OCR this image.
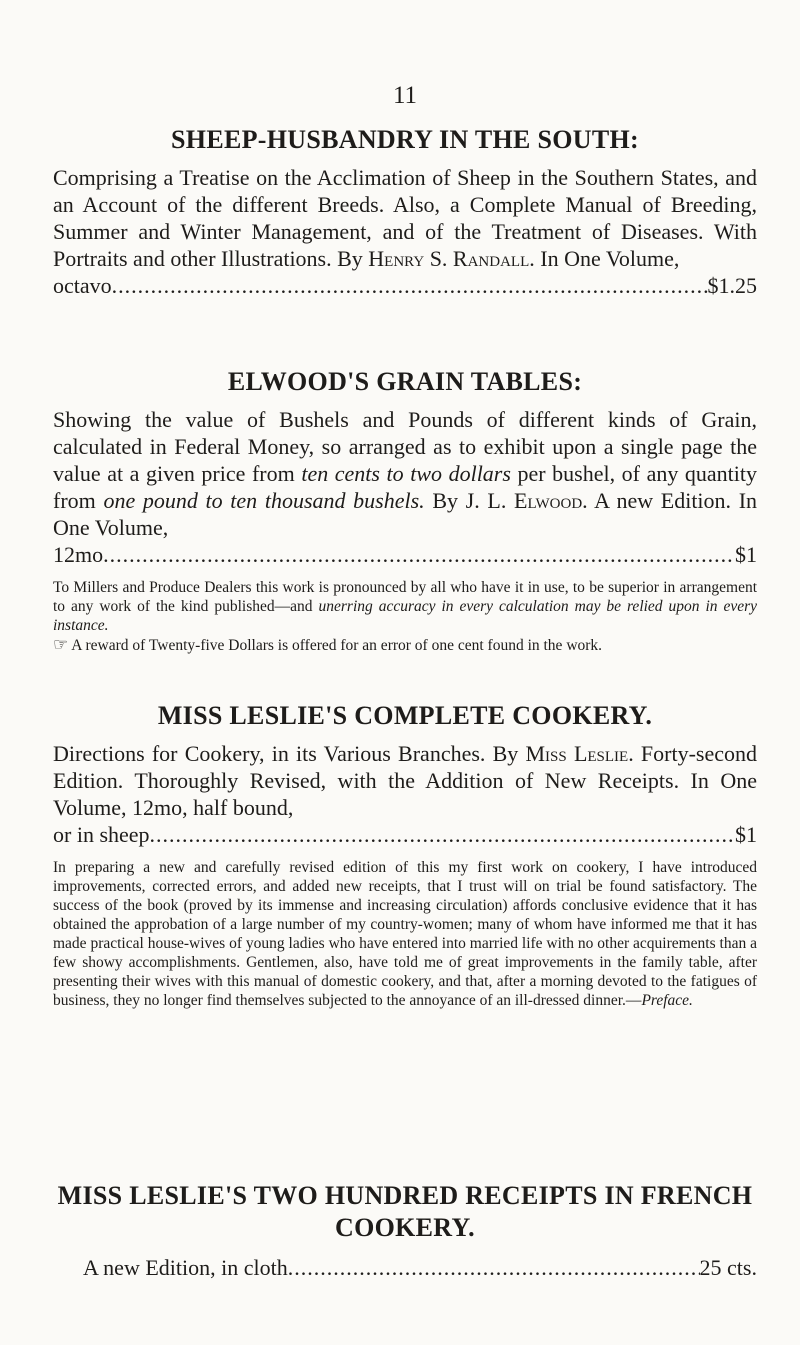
11
SHEEP-HUSBANDRY IN THE SOUTH:

Comprising a Treatise on the Acclimation of Sheep in the Southern States, and an Account of the different Breeds. Also, a Complete Manual of Breeding, Summer and Winter Management, and of the Treatment of Diseases. With Portraits and other Illustrations. By Henry S. Randall. In One Volume,

octavo .....	$1.25
ELWOOD'S GRAIN TABLES:

Showing the value of Bushels and Pounds of different kinds of Grain, calculated in Federal Money, so arranged as to exhibit upon a single page the value at a given price from ten cents to two dollars per bushel, of any quantity from one pound to ten thousand bushels. By J. L. Elwood. A new Edition. In One Volume,

12mo .....	$1

To Millers and Produce Dealers this work is pronounced by all who have it in use, to be superior in arrangement to any work of the kind published—and unerring accuracy in every calculation may be relied upon in every instance.
☞ A reward of Twenty-five Dollars is offered for an error of one cent found in the work.

MISS LESLIE'S COMPLETE COOKERY.

Directions for Cookery, in its Various Branches. By Miss Leslie. Forty-second Edition. Thoroughly Revised, with the Addition of New Receipts. In One Volume, 12mo, half bound,

or in sheep .....	$1

In preparing a new and carefully revised edition of this my first work on cookery, I have introduced improvements, corrected errors, and added new receipts, that I trust will on trial be found satisfactory. The success of the book (proved by its immense and increasing circulation) affords conclusive evidence that it has obtained the approbation of a large number of my country-women; many of whom have informed me that it has made practical house-wives of young ladies who have entered into married life with no other acquirements than a few showy accomplishments. Gentlemen, also, have told me of great improvements in the family table, after presenting their wives with this manual of domestic cookery, and that, after a morning devoted to the fatigues of business, they no longer find themselves subjected to the annoyance of an ill-dressed dinner.—Preface.

MISS LESLIE'S TWO HUNDRED RECEIPTS IN FRENCH COOKERY.
A new Edition, in cloth .....	25 cts.
